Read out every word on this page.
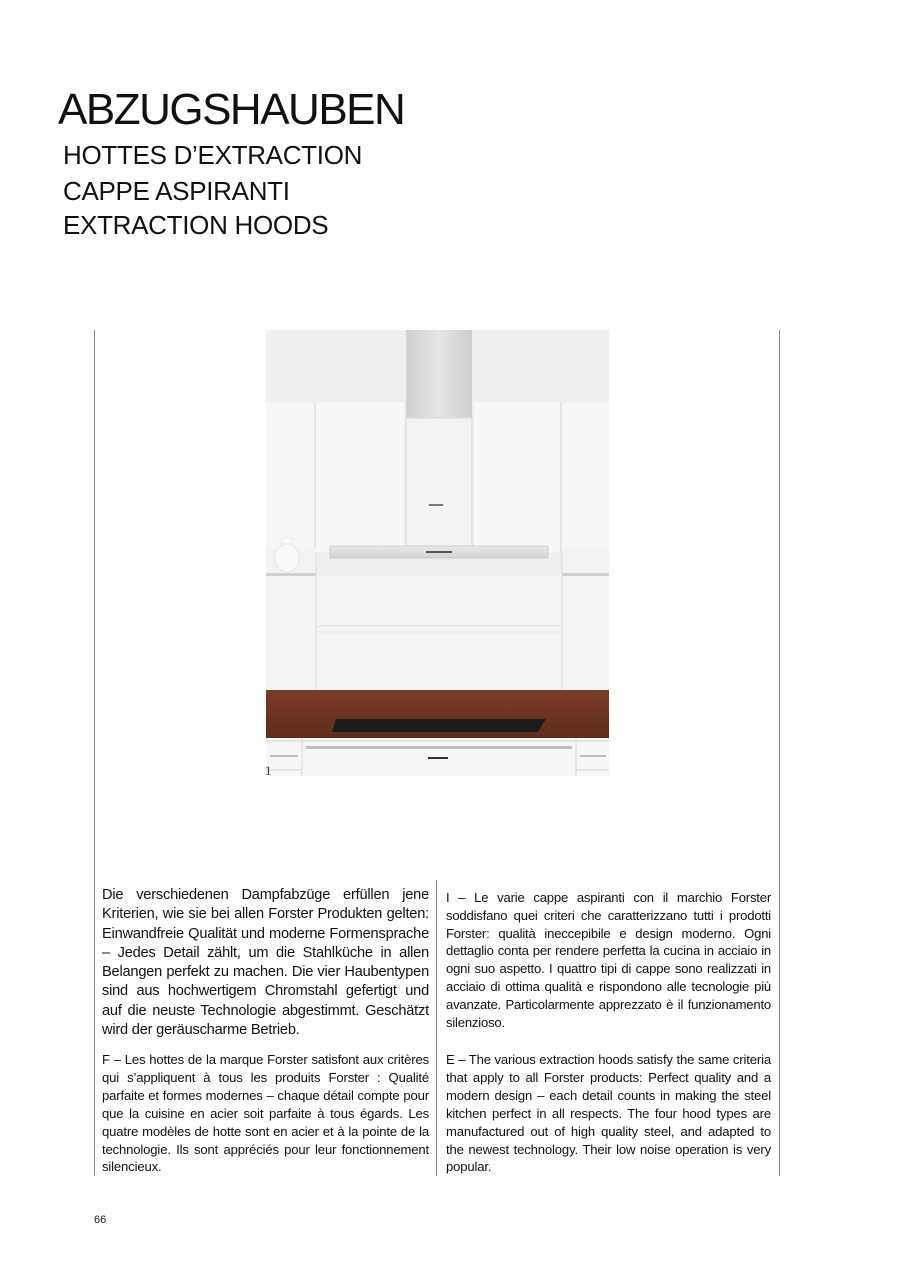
ABZUGSHAUBEN
HOTTES D’EXTRACTION
CAPPE ASPIRANTI
EXTRACTION HOODS
1

Die verschiedenen Dampfabzüge erfüllen jene Kriterien, wie sie bei allen Forster Produkten gelten: Einwandfreie Qualität und moderne Formensprache – Jedes Detail zählt, um die Stahlküche in allen Belangen perfekt zu machen. Die vier Haubentypen sind aus hochwertigem Chromstahl gefertigt und auf die neuste Technologie abgestimmt. Geschätzt wird der geräuscharme Betrieb.

F – Les hottes de la marque Forster satisfont aux critères qui s’appliquent à tous les produits Forster : Qualité parfaite et formes modernes – chaque détail compte pour que la cuisine en acier soit parfaite à tous égards. Les quatre modèles de hotte sont en acier et à la pointe de la technologie. Ils sont appréciés pour leur fonctionnement silencieux.

I – Le varie cappe aspiranti con il marchio Forster soddisfano quei criteri che caratterizzano tutti i prodotti Forster: qualità ineccepibile e design moderno. Ogni dettaglio conta per rendere perfetta la cucina in acciaio in ogni suo aspetto. I quattro tipi di cappe sono realizzati in acciaio di ottima qualità e rispondono alle tecnologie più avanzate. Particolarmente apprezzato è il funzionamento silenzioso.

E – The various extraction hoods satisfy the same criteria that apply to all Forster products: Perfect quality and a modern design – each detail counts in making the steel kitchen perfect in all respects. The four hood types are manufactured out of high quality steel, and adapted to the newest technology. Their low noise operation is very popular.

66
